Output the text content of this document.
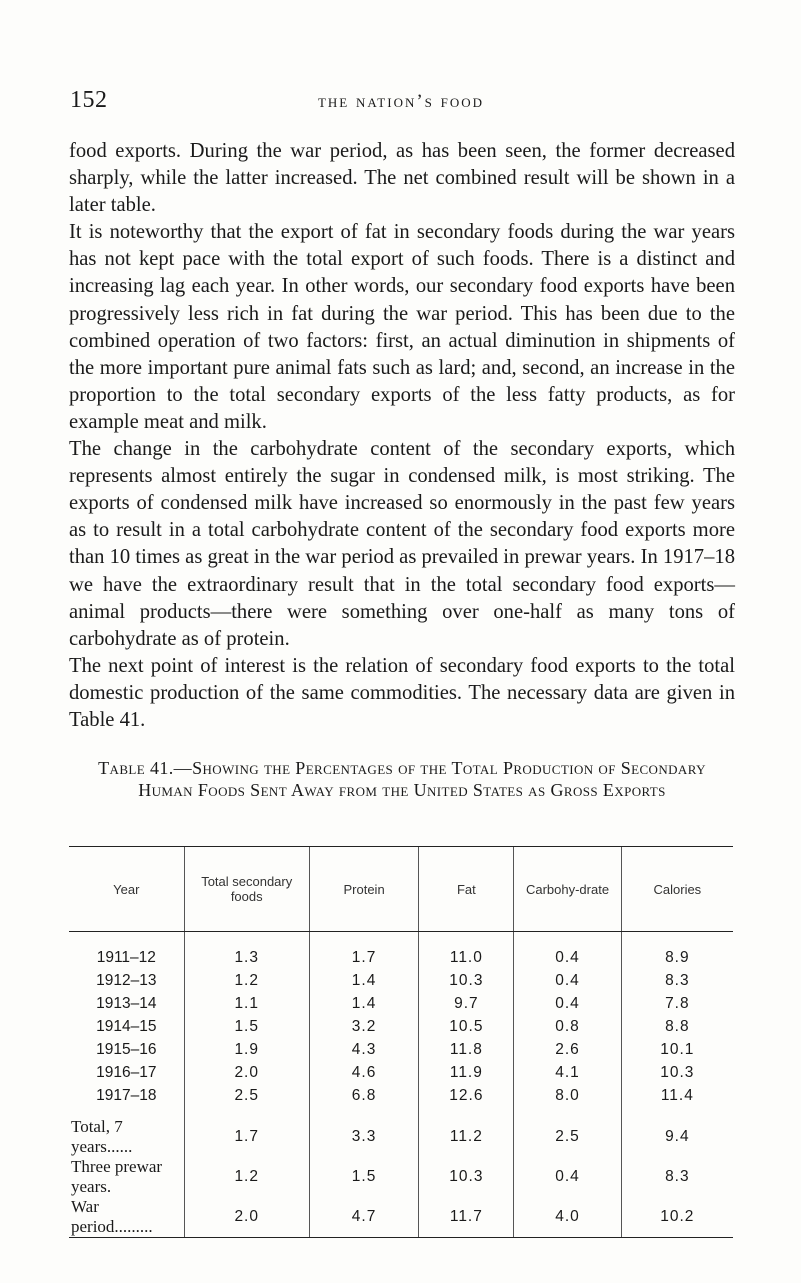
152	the nation’s food

food exports. During the war period, as has been seen, the former decreased sharply, while the latter increased. The net combined result will be shown in a later table.

It is noteworthy that the export of fat in secondary foods during the war years has not kept pace with the total export of such foods. There is a distinct and increasing lag each year. In other words, our secondary food exports have been progressively less rich in fat during the war period. This has been due to the combined operation of two factors: first, an actual diminution in shipments of the more important pure animal fats such as lard; and, second, an increase in the proportion to the total secondary exports of the less fatty products, as for example meat and milk.

The change in the carbohydrate content of the secondary exports, which represents almost entirely the sugar in condensed milk, is most striking. The exports of condensed milk have increased so enormously in the past few years as to result in a total carbohydrate content of the secondary food exports more than 10 times as great in the war period as prevailed in prewar years. In 1917–18 we have the extraordinary result that in the total secondary food exports—animal products—there were something over one-half as many tons of carbohydrate as of protein.

The next point of interest is the relation of secondary food exports to the total domestic production of the same commodities. The necessary data are given in Table 41.

Table 41.—Showing the Percentages of the Total Production of Secondary Human Foods Sent Away from the United States as Gross Exports
Year	Total secondary foods	Protein	Fat	Carbohy-drate	Calories

1911–12	1.3	1.7	11.0	0.4	8.9
1912–13	1.2	1.4	10.3	0.4	8.3
1913–14	1.1	1.4	9.7	0.4	7.8
1914–15	1.5	3.2	10.5	0.8	8.8
1915–16	1.9	4.3	11.8	2.6	10.1
1916–17	2.0	4.6	11.9	4.1	10.3
1917–18	2.5	6.8	12.6	8.0	11.4

Total, 7 years......	1.7	3.3	11.2	2.5	9.4
Three prewar years.	1.2	1.5	10.3	0.4	8.3
War period.........	2.0	4.7	11.7	4.0	10.2
